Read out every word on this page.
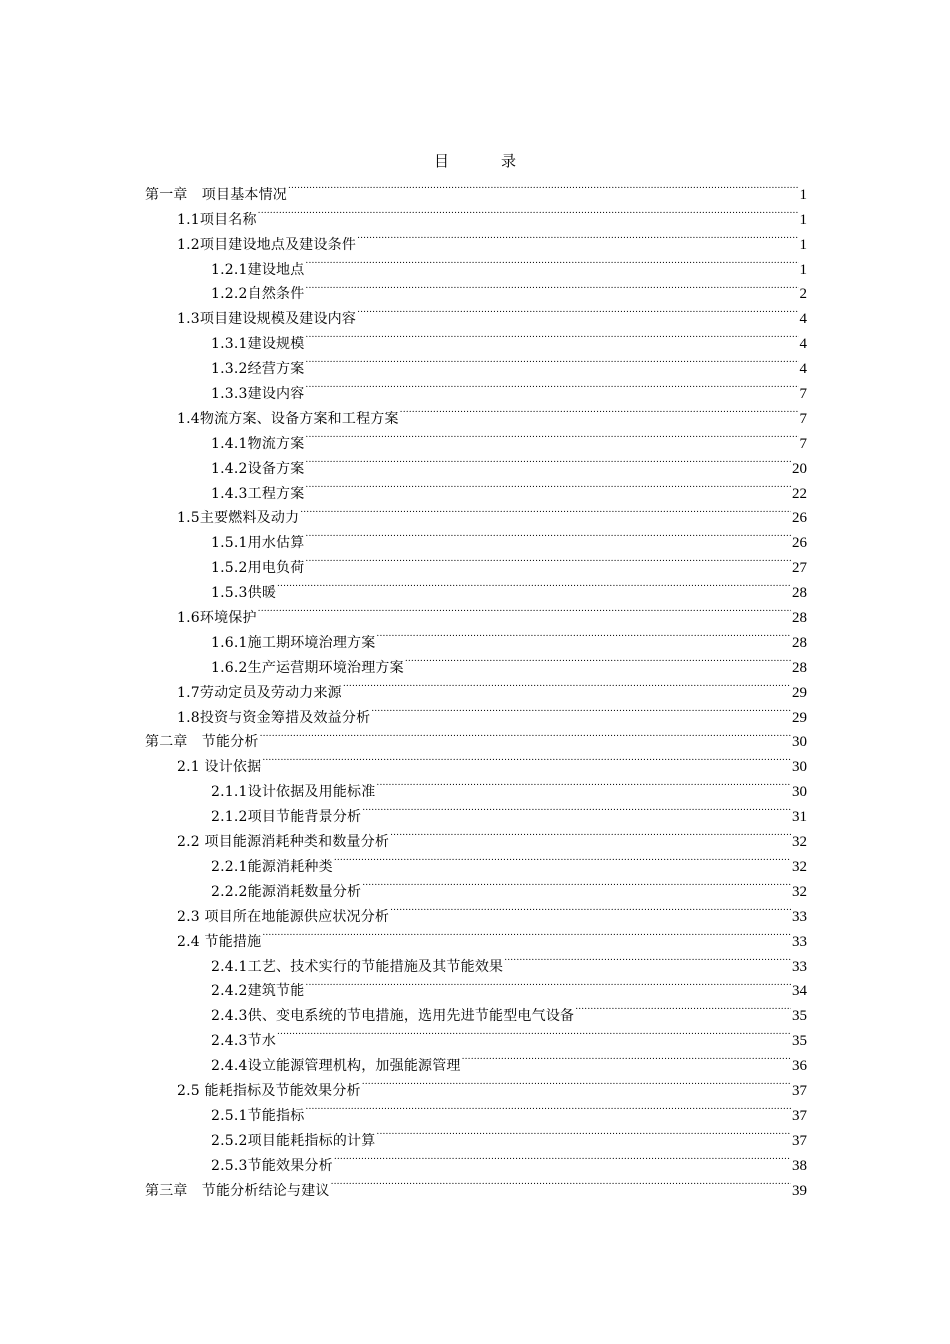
目	录
第一章　项目基本情况 . . .	1
1.1项目名称 . . .	1
1.2项目建设地点及建设条件 . . .	1
1.2.1建设地点 . . .	1
1.2.2自然条件 . . .	2
1.3项目建设规模及建设内容 . . .	4
1.3.1建设规模 . . .	4
1.3.2经营方案 . . .	4
1.3.3建设内容 . . .	7
1.4物流方案、设备方案和工程方案 . . .	7
1.4.1物流方案 . . .	7
1.4.2设备方案 . . .	20
1.4.3工程方案 . . .	22
1.5主要燃料及动力 . . .	26
1.5.1用水估算 . . .	26
1.5.2用电负荷 . . .	27
1.5.3供暖 . . .	28
1.6环境保护 . . .	28
1.6.1施工期环境治理方案 . . .	28
1.6.2生产运营期环境治理方案 . . .	28
1.7劳动定员及劳动力来源 . . .	29
1.8投资与资金筹措及效益分析 . . .	29
第二章　节能分析 . . .	30
2.1 设计依据 . . .	30
2.1.1设计依据及用能标准 . . .	30
2.1.2项目节能背景分析 . . .	31
2.2 项目能源消耗种类和数量分析 . . .	32
2.2.1能源消耗种类 . . .	32
2.2.2能源消耗数量分析 . . .	32
2.3 项目所在地能源供应状况分析 . . .	33
2.4 节能措施 . . .	33
2.4.1工艺、技术实行的节能措施及其节能效果 . . .	33
2.4.2建筑节能 . . .	34
2.4.3供、变电系统的节电措施，选用先进节能型电气设备 . . .	35
2.4.3节水 . . .	35
2.4.4设立能源管理机构，加强能源管理 . . .	36
2.5 能耗指标及节能效果分析 . . .	37
2.5.1节能指标 . . .	37
2.5.2项目能耗指标的计算 . . .	37
2.5.3节能效果分析 . . .	38
第三章　节能分析结论与建议 . . .	39
